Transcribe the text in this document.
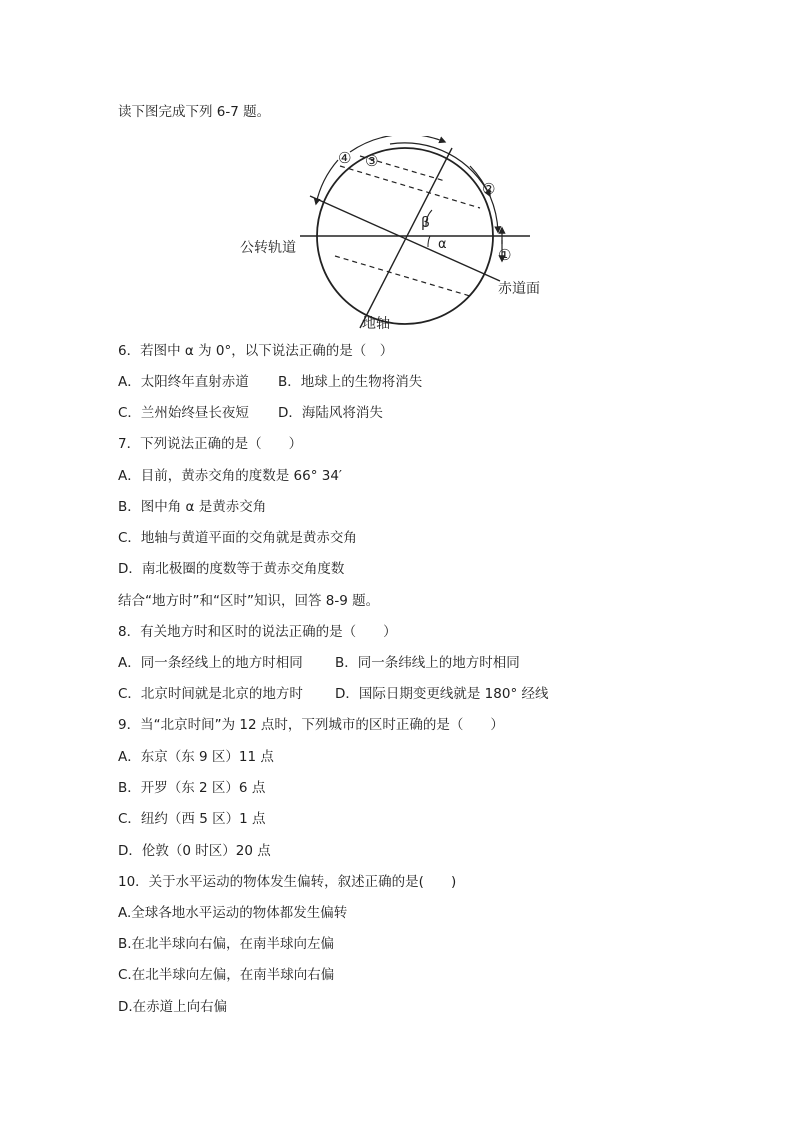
读下图完成下列 6-7 题。
④ ③
②
①
β
α
公转轨道
赤道面
地轴
6．若图中 α 为 0°，以下说法正确的是（　）
A．太阳终年直射赤道 B．地球上的生物将消失
C．兰州始终昼长夜短 D．海陆风将消失
7．下列说法正确的是（　　）
A．目前，黄赤交角的度数是 66° 34′
B．图中角 α 是黄赤交角
C．地轴与黄道平面的交角就是黄赤交角
D．南北极圈的度数等于黄赤交角度数
结合“地方时”和“区时”知识，回答 8-9 题。
8．有关地方时和区时的说法正确的是（　　）
A．同一条经线上的地方时相同 B．同一条纬线上的地方时相同
C．北京时间就是北京的地方时 D．国际日期变更线就是 180° 经线
9．当“北京时间”为 12 点时，下列城市的区时正确的是（　　）
A．东京（东 9 区）11 点
B．开罗（东 2 区）6 点
C．纽约（西 5 区）1 点
D．伦敦（0 时区）20 点
10．关于水平运动的物体发生偏转，叙述正确的是(　　)
A.全球各地水平运动的物体都发生偏转
B.在北半球向右偏，在南半球向左偏
C.在北半球向左偏，在南半球向右偏
D.在赤道上向右偏
